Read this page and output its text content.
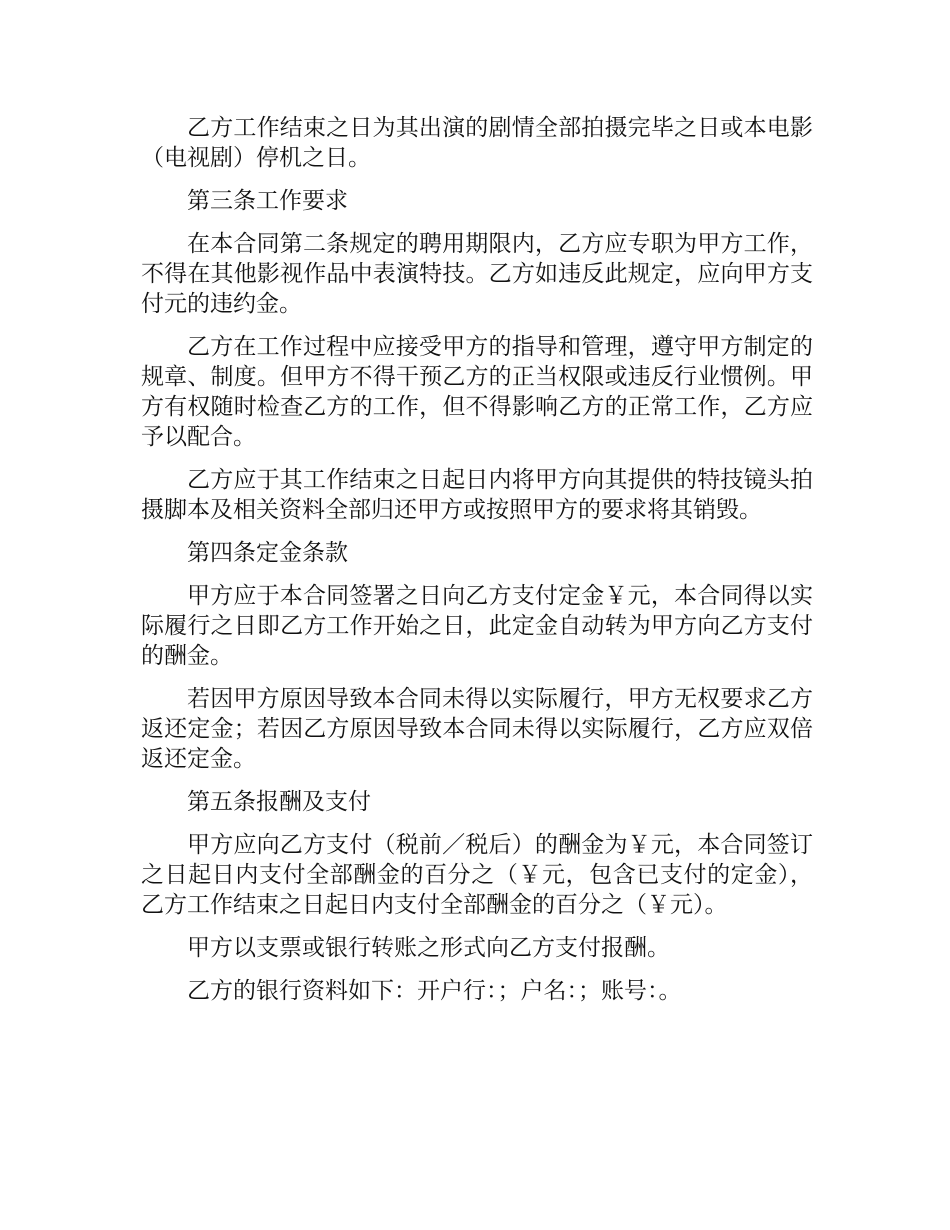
乙方工作结束之日为其出演的剧情全部拍摄完毕之日或本电影（电视剧）停机之日。

第三条工作要求

在本合同第二条规定的聘用期限内，乙方应专职为甲方工作，不得在其他影视作品中表演特技。乙方如违反此规定，应向甲方支付元的违约金。

乙方在工作过程中应接受甲方的指导和管理，遵守甲方制定的规章、制度。但甲方不得干预乙方的正当权限或违反行业惯例。甲方有权随时检查乙方的工作，但不得影响乙方的正常工作，乙方应予以配合。

乙方应于其工作结束之日起日内将甲方向其提供的特技镜头拍摄脚本及相关资料全部归还甲方或按照甲方的要求将其销毁。

第四条定金条款

甲方应于本合同签署之日向乙方支付定金￥元，本合同得以实际履行之日即乙方工作开始之日，此定金自动转为甲方向乙方支付的酬金。

若因甲方原因导致本合同未得以实际履行，甲方无权要求乙方返还定金；若因乙方原因导致本合同未得以实际履行，乙方应双倍返还定金。

第五条报酬及支付

甲方应向乙方支付（税前／税后）的酬金为￥元，本合同签订之日起日内支付全部酬金的百分之（￥元，包含已支付的定金），乙方工作结束之日起日内支付全部酬金的百分之（￥元）。

甲方以支票或银行转账之形式向乙方支付报酬。

乙方的银行资料如下：开户行：；户名：；账号：。
